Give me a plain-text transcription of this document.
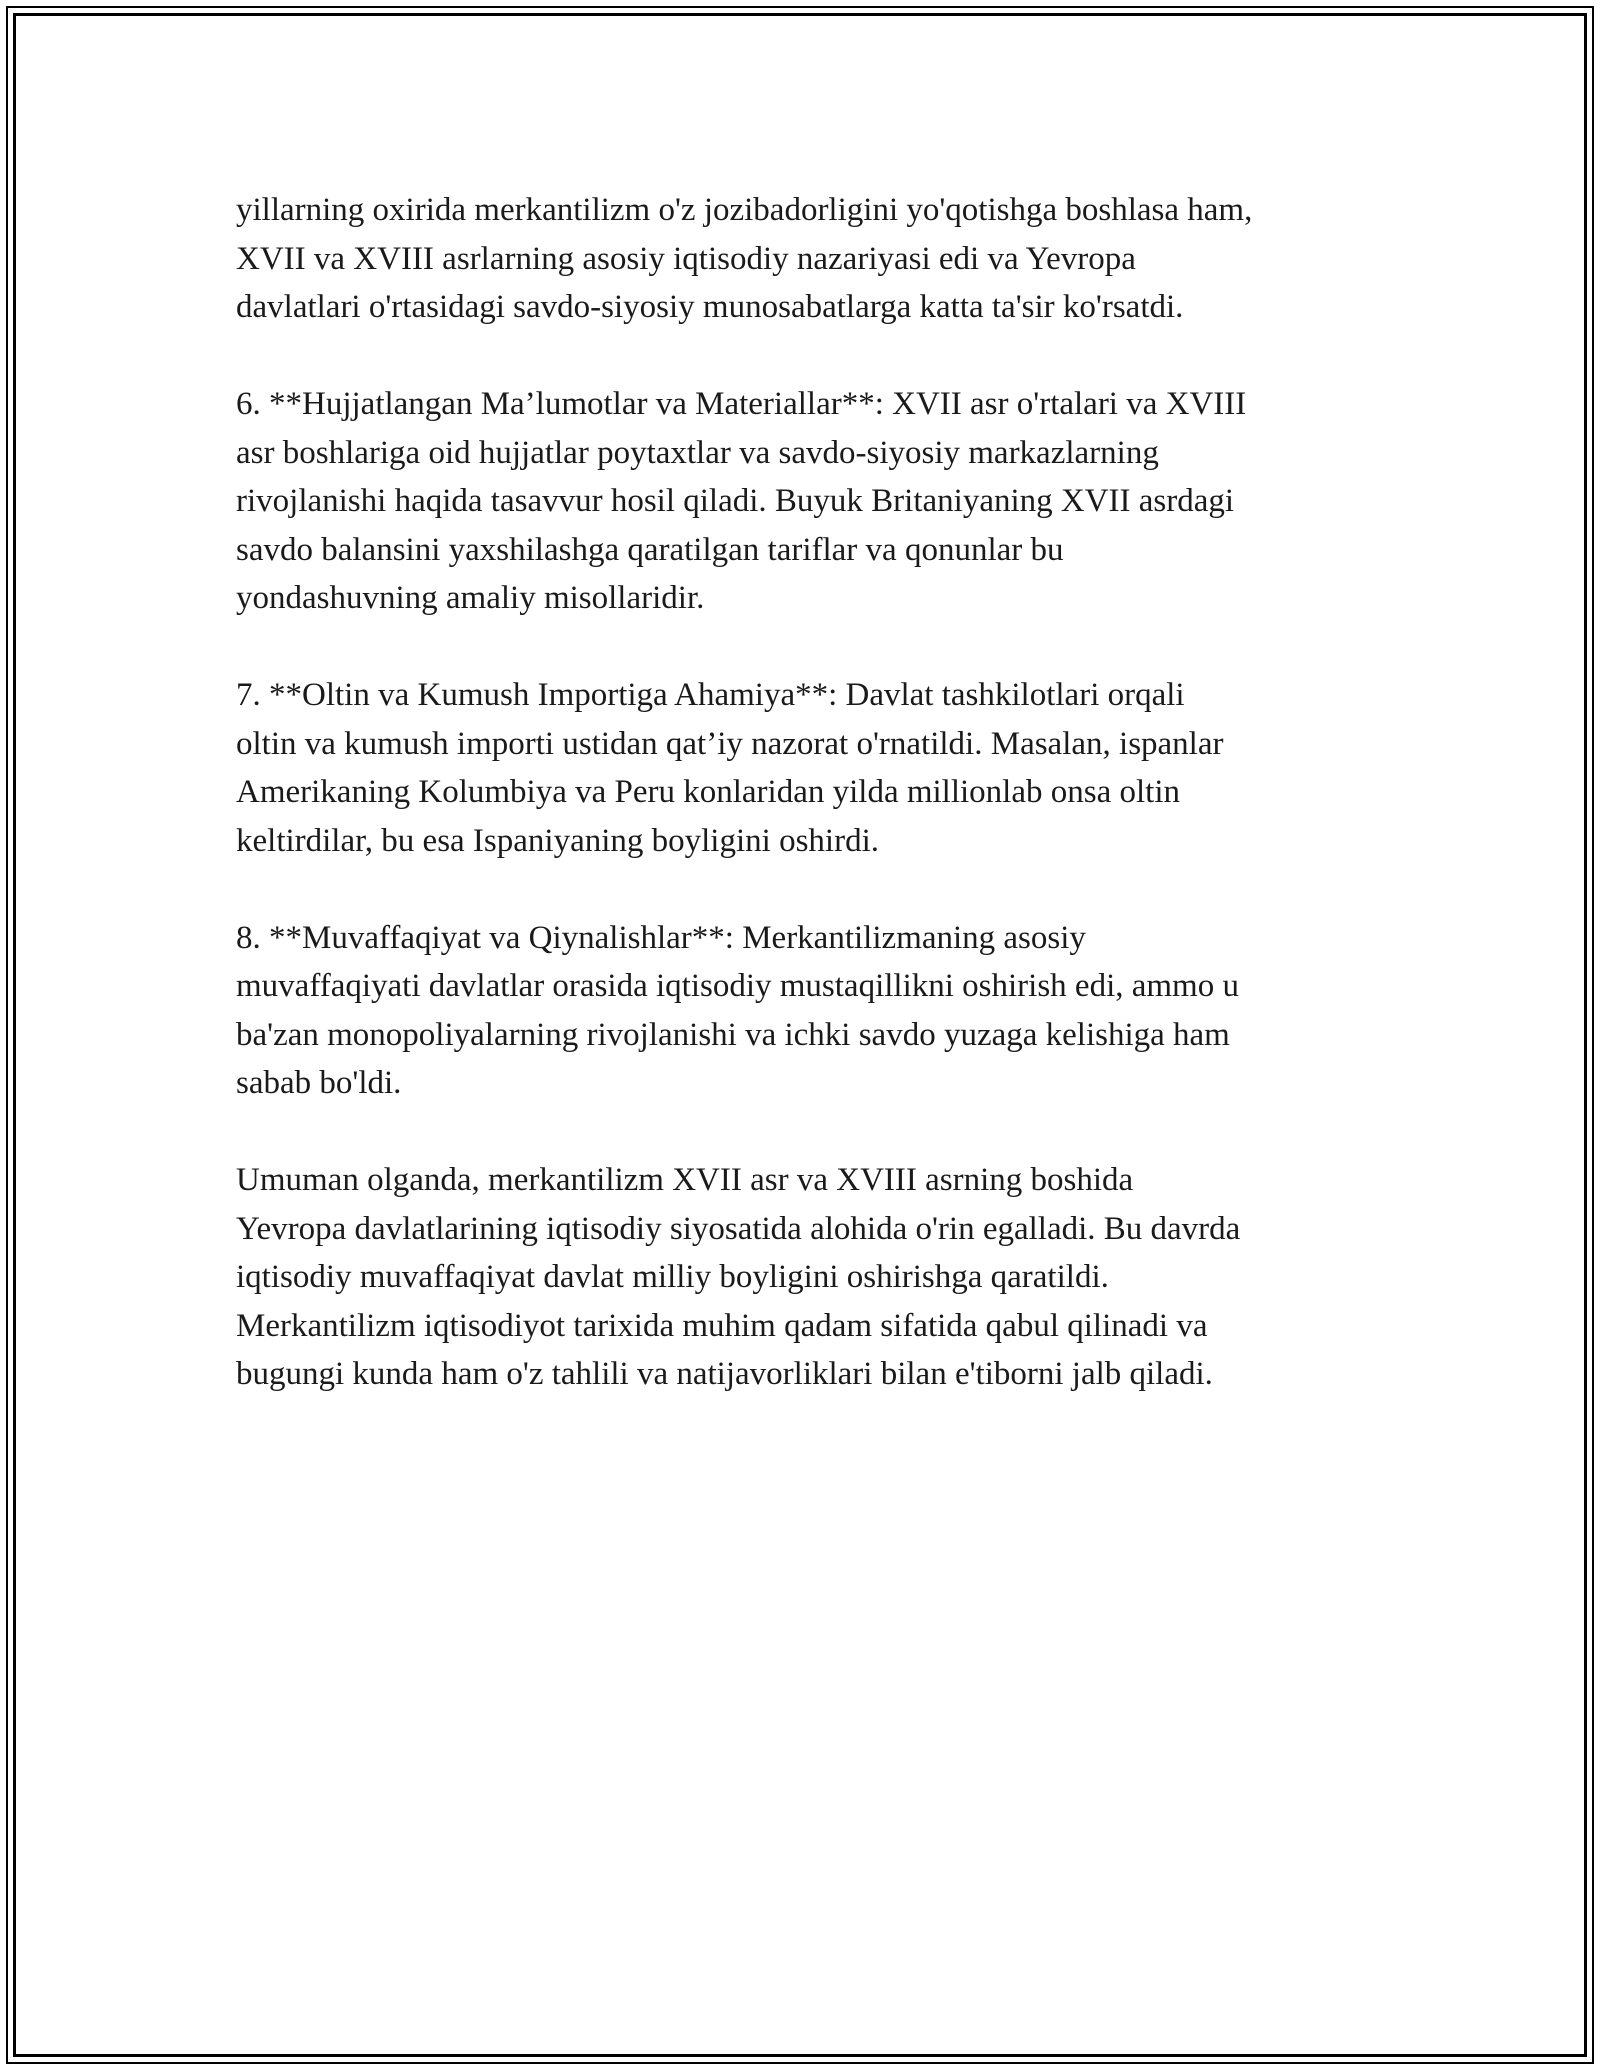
yillarning oxirida merkantilizm o'z jozibadorligini yo'qotishga boshlasa ham,
XVII va XVIII asrlarning asosiy iqtisodiy nazariyasi edi va Yevropa
davlatlari o'rtasidagi savdo-siyosiy munosabatlarga katta ta'sir ko'rsatdi.

6. **Hujjatlangan Ma’lumotlar va Materiallar**: XVII asr o'rtalari va XVIII
asr boshlariga oid hujjatlar poytaxtlar va savdo-siyosiy markazlarning
rivojlanishi haqida tasavvur hosil qiladi. Buyuk Britaniyaning XVII asrdagi
savdo balansini yaxshilashga qaratilgan tariflar va qonunlar bu
yondashuvning amaliy misollaridir.

7. **Oltin va Kumush Importiga Ahamiya**: Davlat tashkilotlari orqali
oltin va kumush importi ustidan qat’iy nazorat o'rnatildi. Masalan, ispanlar
Amerikaning Kolumbiya va Peru konlaridan yilda millionlab onsa oltin
keltirdilar, bu esa Ispaniyaning boyligini oshirdi.

8. **Muvaffaqiyat va Qiynalishlar**: Merkantilizmaning asosiy
muvaffaqiyati davlatlar orasida iqtisodiy mustaqillikni oshirish edi, ammo u
ba'zan monopoliyalarning rivojlanishi va ichki savdo yuzaga kelishiga ham
sabab bo'ldi.

Umuman olganda, merkantilizm XVII asr va XVIII asrning boshida
Yevropa davlatlarining iqtisodiy siyosatida alohida o'rin egalladi. Bu davrda
iqtisodiy muvaffaqiyat davlat milliy boyligini oshirishga qaratildi.
Merkantilizm iqtisodiyot tarixida muhim qadam sifatida qabul qilinadi va
bugungi kunda ham o'z tahlili va natijavorliklari bilan e'tiborni jalb qiladi.
